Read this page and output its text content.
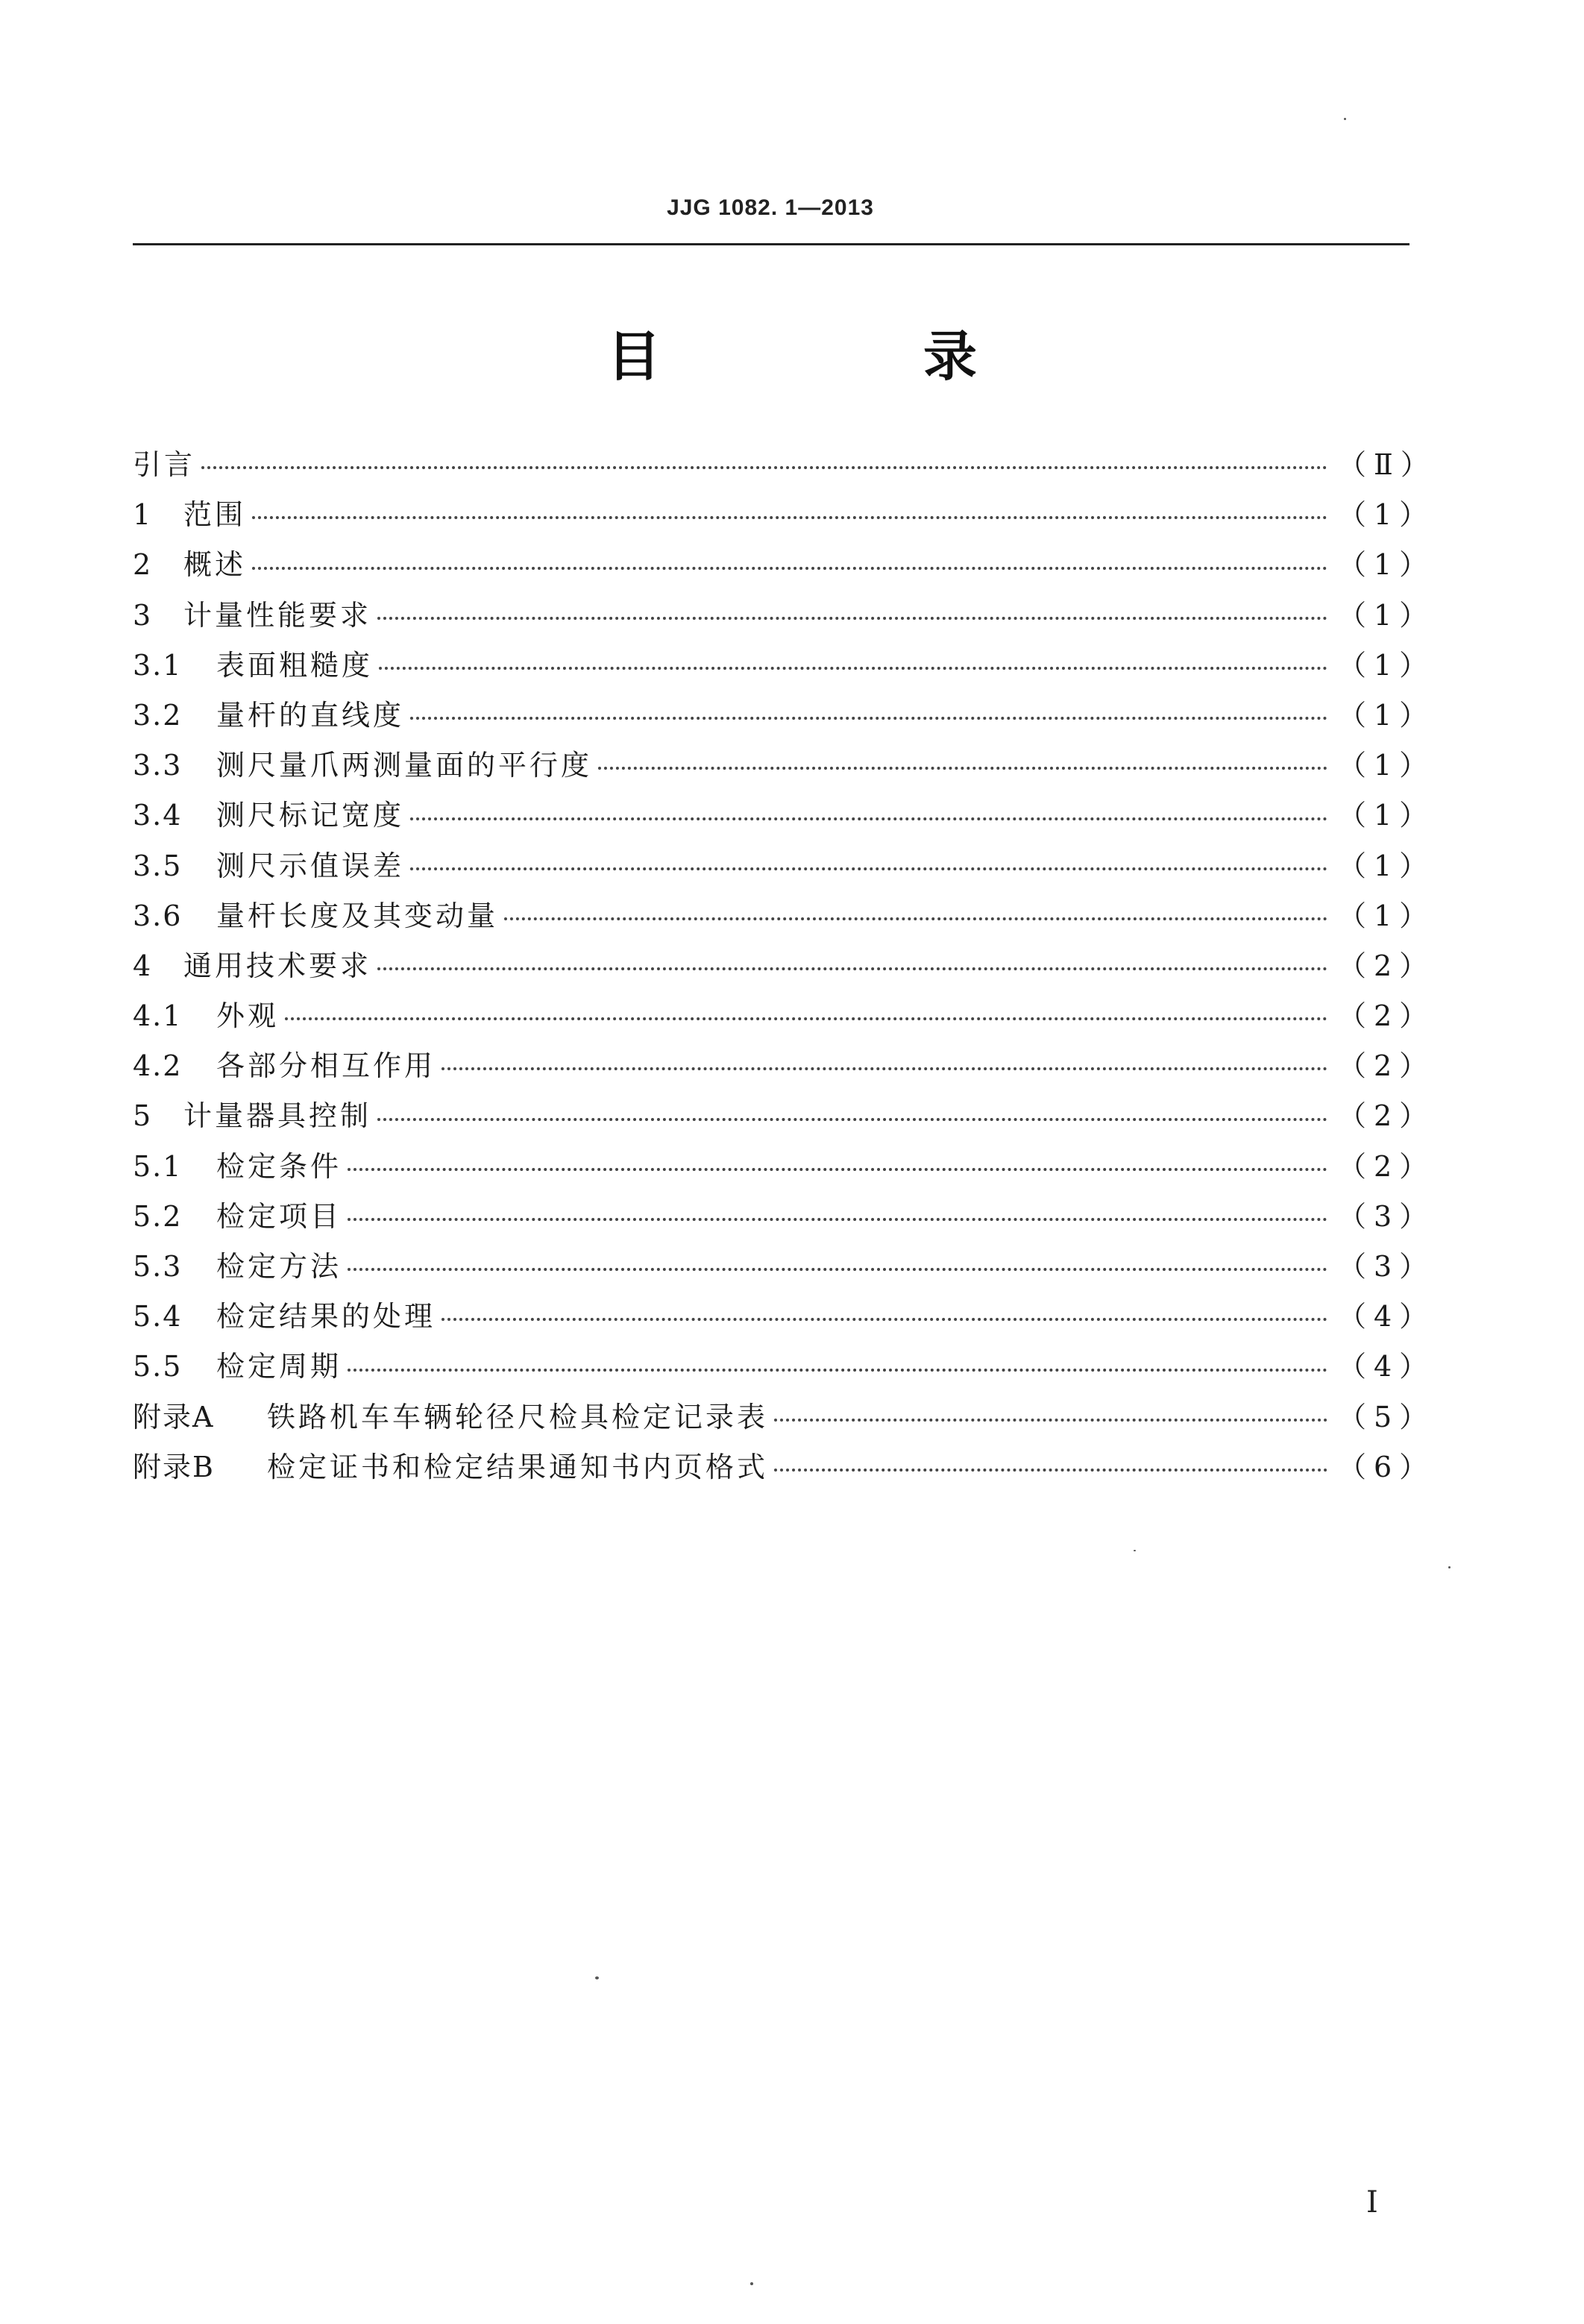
JJG 1082. 1—2013
目　录
引言	（Ⅱ）
1	范围	（1）
2	概述	（1）
3	计量性能要求	（1）
3.1	表面粗糙度	（1）
3.2	量杆的直线度	（1）
3.3	测尺量爪两测量面的平行度	（1）
3.4	测尺标记宽度	（1）
3.5	测尺示值误差	（1）
3.6	量杆长度及其变动量	（1）
4	通用技术要求	（2）
4.1	外观	（2）
4.2	各部分相互作用	（2）
5	计量器具控制	（2）
5.1	检定条件	（2）
5.2	检定项目	（3）
5.3	检定方法	（3）
5.4	检定结果的处理	（4）
5.5	检定周期	（4）
附录A	铁路机车车辆轮径尺检具检定记录表	（5）
附录B	检定证书和检定结果通知书内页格式	（6）
I
